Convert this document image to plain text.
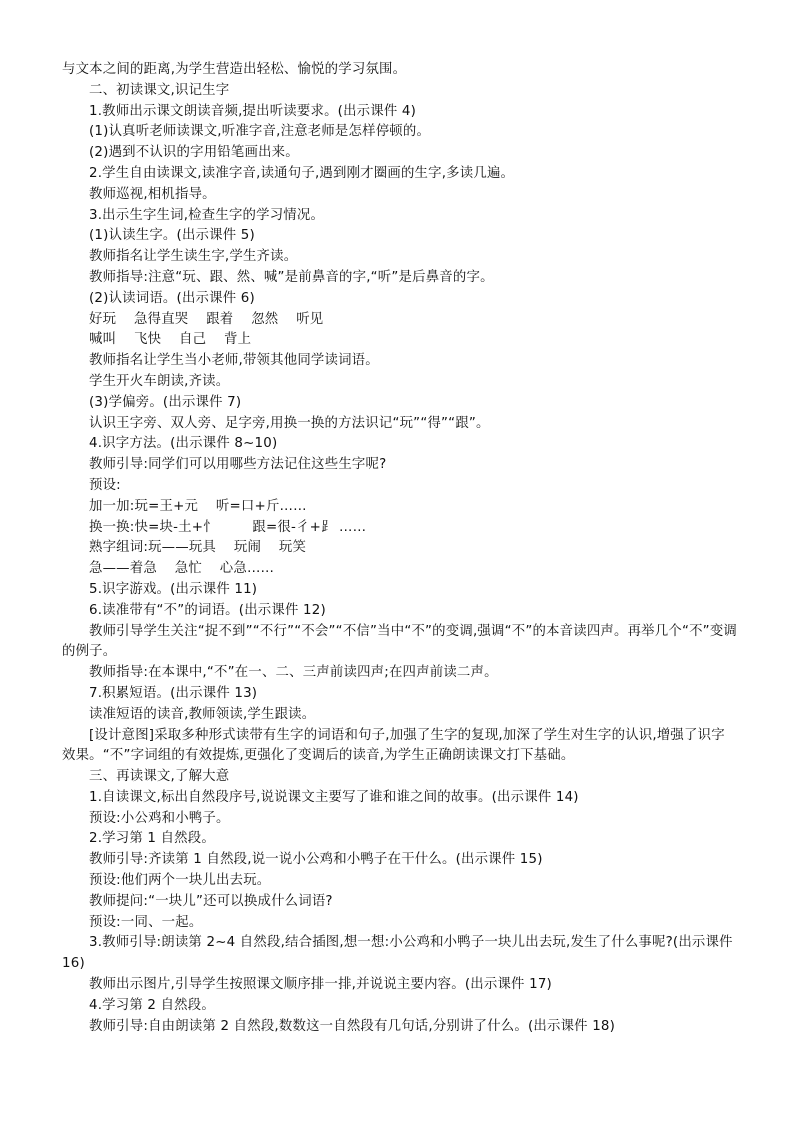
与文本之间的距离,为学生营造出轻松、愉悦的学习氛围。

二、初读课文,识记生字

1.教师出示课文朗读音频,提出听读要求。(出示课件 4)

(1)认真听老师读课文,听准字音,注意老师是怎样停顿的。

(2)遇到不认识的字用铅笔画出来。

2.学生自由读课文,读准字音,读通句子,遇到刚才圈画的生字,多读几遍。

教师巡视,相机指导。

3.出示生字生词,检查生字的学习情况。

(1)认读生字。(出示课件 5)

教师指名让学生读生字,学生齐读。

教师指导:注意“玩、跟、然、喊”是前鼻音的字,“听”是后鼻音的字。

(2)认读词语。(出示课件 6)

好玩    急得直哭    跟着    忽然    听见

喊叫    飞快    自己    背上

教师指名让学生当小老师,带领其他同学读词语。

学生开火车朗读,齐读。

(3)学偏旁。(出示课件 7)

认识王字旁、双人旁、足字旁,用换一换的方法识记“玩”“得”“跟”。

4.识字方法。(出示课件 8~10)

教师引导:同学们可以用哪些方法记住这些生字呢?

预设:

加一加:玩=王+元    听=口+斤……

换一换:快=块-土+忄        跟=很-彳+⻊ ……

熟字组词:玩——玩具    玩闹    玩笑

急——着急    急忙    心急……

5.识字游戏。(出示课件 11)

6.读准带有“不”的词语。(出示课件 12)

教师引导学生关注“捉不到”“不行”“不会”“不信”当中“不”的变调,强调“不”的本音读四声。再举几个“不”变调的例子。

教师指导:在本课中,“不”在一、二、三声前读四声;在四声前读二声。

7.积累短语。(出示课件 13)

读准短语的读音,教师领读,学生跟读。

[设计意图]采取多种形式读带有生字的词语和句子,加强了生字的复现,加深了学生对生字的认识,增强了识字效果。“不”字词组的有效提炼,更强化了变调后的读音,为学生正确朗读课文打下基础。

三、再读课文,了解大意

1.自读课文,标出自然段序号,说说课文主要写了谁和谁之间的故事。(出示课件 14)

预设:小公鸡和小鸭子。

2.学习第 1 自然段。

教师引导:齐读第 1 自然段,说一说小公鸡和小鸭子在干什么。(出示课件 15)

预设:他们两个一块儿出去玩。

教师提问:“一块儿”还可以换成什么词语?

预设:一同、一起。

3.教师引导:朗读第 2~4 自然段,结合插图,想一想:小公鸡和小鸭子一块儿出去玩,发生了什么事呢?(出示课件 16)

教师出示图片,引导学生按照课文顺序排一排,并说说主要内容。(出示课件 17)

4.学习第 2 自然段。

教师引导:自由朗读第 2 自然段,数数这一自然段有几句话,分别讲了什么。(出示课件 18)
